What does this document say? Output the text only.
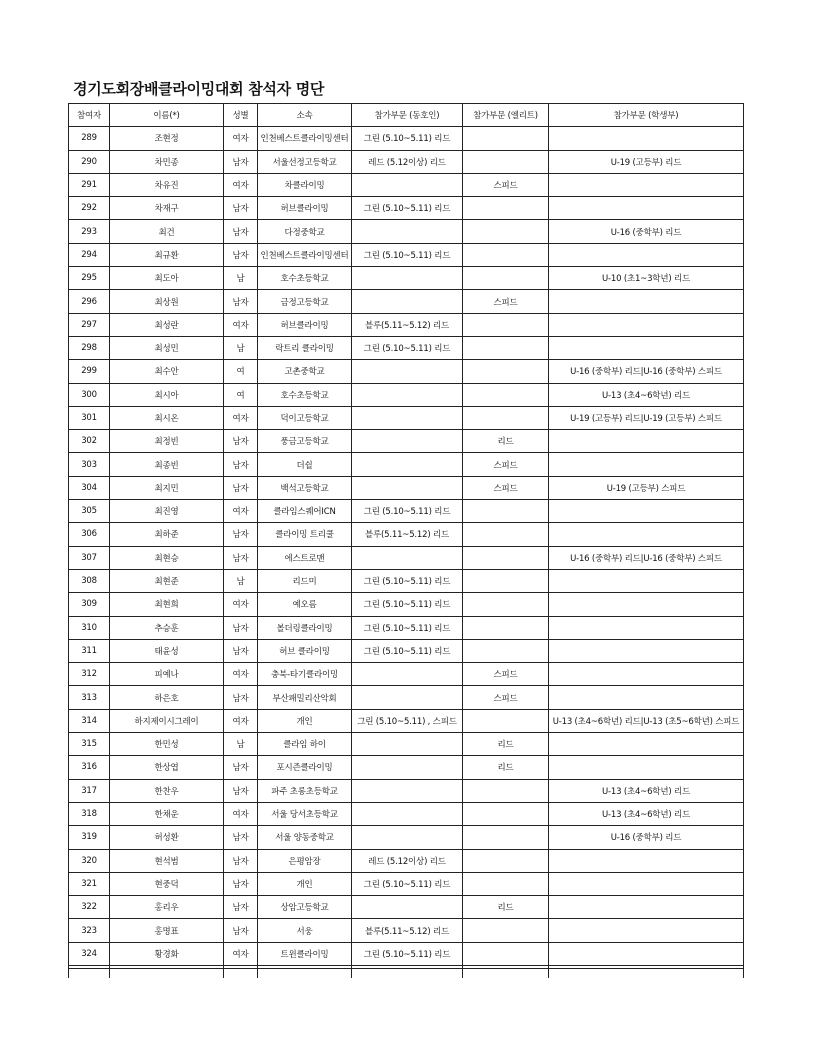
경기도회장배클라이밍대회 참석자 명단
참여자	이름(*)	성별	소속	참가부문 (동호인)	참가부문 (엘리트)	참가부문 (학생부)
289	조현정	여자	인천베스트클라이밍센터	그린 (5.10~5.11) 리드		
290	차민종	남자	서울선정고등학교	레드 (5.12이상) 리드		U-19 (고등부) 리드
291	차유진	여자	차클라이밍		스피드	
292	차재구	남자	허브클라이밍	그린 (5.10~5.11) 리드		
293	최건	남자	다정중학교			U-16 (중학부) 리드
294	최규환	남자	인천베스트클라이밍센터	그린 (5.10~5.11) 리드		
295	최도아	남	호수초등학교			U-10 (초1~3학년) 리드
296	최상원	남자	금정고등학교		스피드	
297	최성란	여자	허브클라이밍	블루(5.11~5.12) 리드		
298	최성민	남	락트리 클라이밍	그린 (5.10~5.11) 리드		
299	최수안	여	고촌중학교			U-16 (중학부) 리드|U-16 (중학부) 스피드
300	최시아	여	호수초등학교			U-13 (초4~6학년) 리드
301	최시온	여자	덕이고등학교			U-19 (고등부) 리드|U-19 (고등부) 스피드
302	최정빈	남자	풍금고등학교		리드	
303	최종빈	남자	더쉴		스피드	
304	최지민	남자	백석고등학교		스피드	U-19 (고등부) 스피드
305	최진영	여자	클라임스퀘어ICN	그린 (5.10~5.11) 리드		
306	최하준	남자	클라이밍 트리쿨	블루(5.11~5.12) 리드		
307	최현승	남자	에스트로맨			U-16 (중학부) 리드|U-16 (중학부) 스피드
308	최현준	남	리드미	그린 (5.10~5.11) 리드		
309	최현희	여자	예오름	그린 (5.10~5.11) 리드		
310	추승훈	남자	볼더링클라이밍	그린 (5.10~5.11) 리드		
311	태윤성	남자	허브 클라이밍	그린 (5.10~5.11) 리드		
312	피예나	여자	충북-타기클라이밍		스피드	
313	하은호	남자	부산패밀리산악회		스피드	
314	하지제이시그레이	여자	개인	그린 (5.10~5.11) , 스피드		U-13 (초4~6학년) 리드|U-13 (초5~6학년) 스피드
315	한민성	남	클라임 하이		리드	
316	한상엽	남자	포시즌클라이밍		리드	
317	한찬우	남자	파주 초롱초등학교			U-13 (초4~6학년) 리드
318	한채운	여자	서울 당서초등학교			U-13 (초4~6학년) 리드
319	허성환	남자	서울 양동중학교			U-16 (중학부) 리드
320	현석범	남자	은평암장	레드 (5.12이상) 리드		
321	현중덕	남자	개인	그린 (5.10~5.11) 리드		
322	홍리우	남자	상암고등학교		리드	
323	홍명표	남자	서웅	블루(5.11~5.12) 리드		
324	황경화	여자	트윈클라이밍	그린 (5.10~5.11) 리드		
